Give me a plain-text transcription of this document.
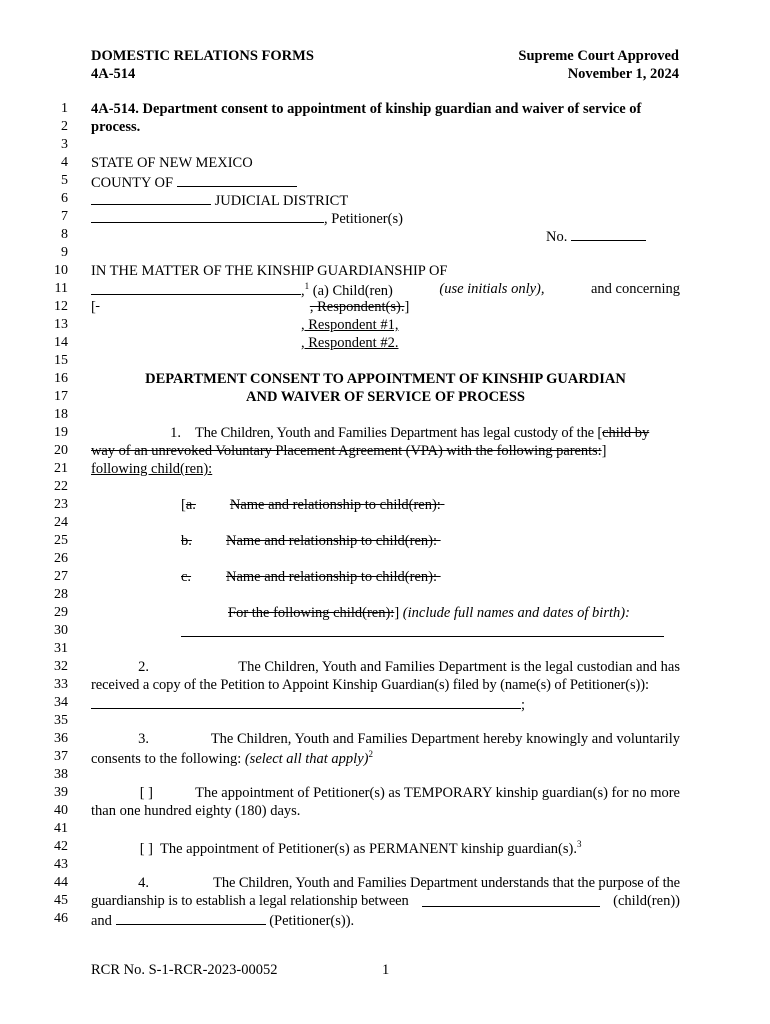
DOMESTIC RELATIONS FORMS
4A-514
Supreme Court Approved
November 1, 2024
1
2
3
4
5
6
7
8
9
10
11
12
13
14
15
16
17
18
19
20
21
22
23
24
25
26
27
28
29
30
31
32
33
34
35
36
37
38
39
40
41
42
43
44
45
46
4A-514. Department consent to appointment of kinship guardian and waiver of service of
process.
STATE OF NEW MEXICO
COUNTY OF
JUDICIAL DISTRICT
, Petitioner(s)
No.
IN THE MATTER OF THE KINSHIP GUARDIANSHIP OF
,$^1$ (a) Child(ren)	(use initials only),	and concerning
[	, Respondent(s).]
, Respondent #1,
, Respondent #2.
DEPARTMENT CONSENT TO APPOINTMENT OF KINSHIP GUARDIAN
AND WAIVER OF SERVICE OF PROCESS
1. The Children, Youth and Families Department has legal custody of the [child by
way of an unrevoked Voluntary Placement Agreement (VPA) with the following parents:]
following child(ren):
[a. Name and relationship to child(ren):
b. Name and relationship to child(ren):
c. Name and relationship to child(ren):
For the following child(ren):] (include full names and dates of birth):
2.	The Children, Youth and Families Department is the legal custodian and has
received a copy of the Petition to Appoint Kinship Guardian(s) filed by (name(s) of Petitioner(s)):
;
3.	The Children, Youth and Families Department hereby knowingly and voluntarily
consents to the following: (select all that apply)$^2$
[ ]	The appointment of Petitioner(s) as TEMPORARY kinship guardian(s) for no more
than one hundred eighty (180) days.
[ ] The appointment of Petitioner(s) as PERMANENT kinship guardian(s).$^3$
4.	The Children, Youth and Families Department understands that the purpose of the
guardianship is to establish a legal relationship between	(child(ren))
and	(Petitioner(s)).
RCR No. S-1-RCR-2023-00052	1
